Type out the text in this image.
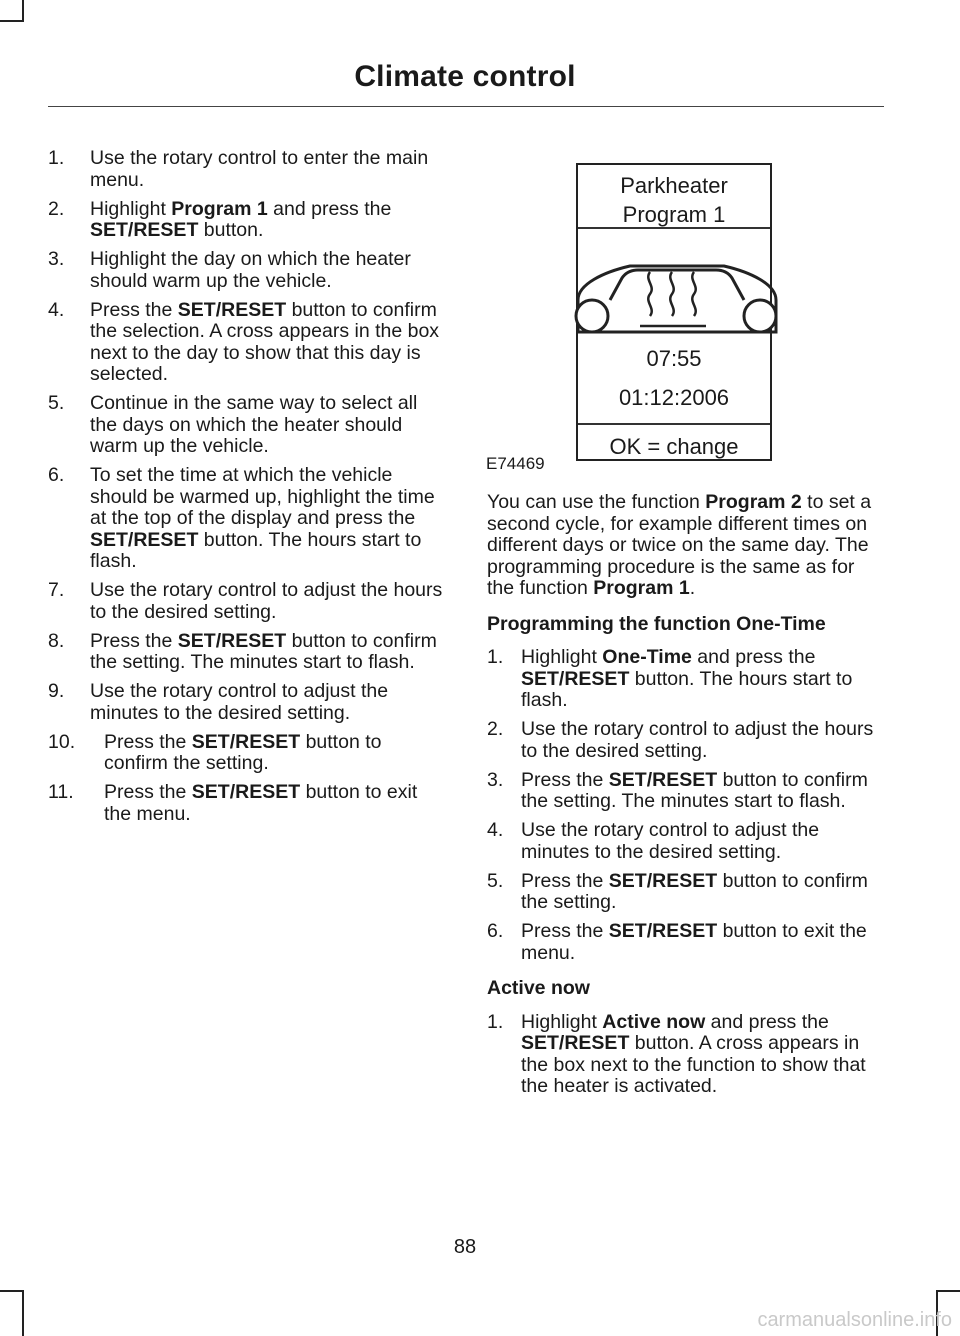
Climate control
1. Use the rotary control to enter the main menu.
2. Highlight Program 1 and press the SET/RESET button.
3. Highlight the day on which the heater should warm up the vehicle.
4. Press the SET/RESET button to confirm the selection. A cross appears in the box next to the day to show that this day is selected.
5. Continue in the same way to select all the days on which the heater should warm up the vehicle.
6. To set the time at which the vehicle should be warmed up, highlight the time at the top of the display and press the SET/RESET button. The hours start to flash.
7. Use the rotary control to adjust the hours to the desired setting.
8. Press the SET/RESET button to confirm the setting. The minutes start to flash.
9. Use the rotary control to adjust the minutes to the desired setting.
10. Press the SET/RESET button to confirm the setting.
11. Press the SET/RESET button to exit the menu.
Parkheater
Program 1
07:55
01:12:2006
OK = change
E74469

You can use the function Program 2 to set a second cycle, for example different times on different days or twice on the same day. The programming procedure is the same as for the function Program 1.

Programming the function One-Time
1. Highlight One-Time and press the SET/RESET button. The hours start to flash.
2. Use the rotary control to adjust the hours to the desired setting.
3. Press the SET/RESET button to confirm the setting. The minutes start to flash.
4. Use the rotary control to adjust the minutes to the desired setting.
5. Press the SET/RESET button to confirm the setting.
6. Press the SET/RESET button to exit the menu.
Active now
1. Highlight Active now and press the SET/RESET button. A cross appears in the box next to the function to show that the heater is activated.
88
carmanualsonline.info
